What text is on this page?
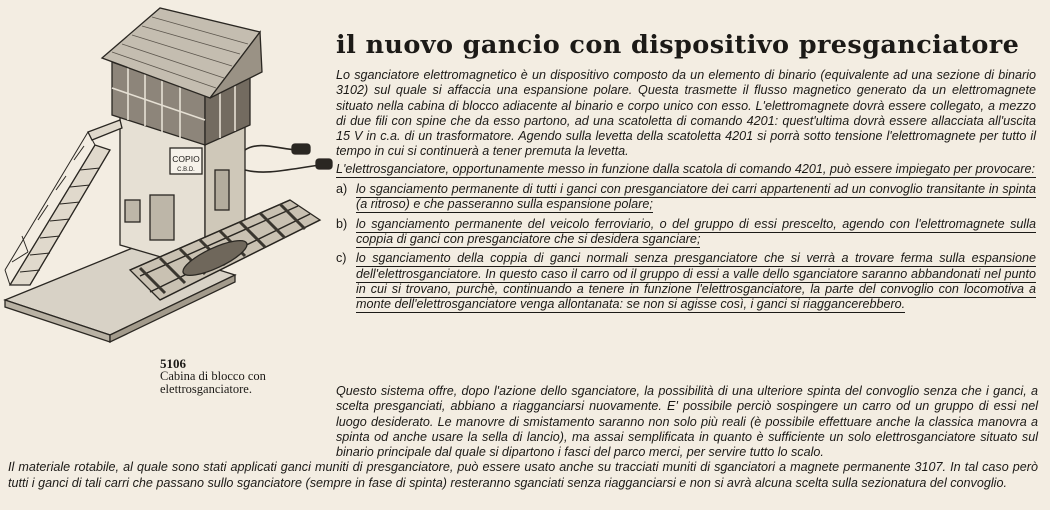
COPIO
C.B.D.
5106
Cabina di blocco con elettrosganciatore.
il nuovo gancio con dispositivo presganciatore

Lo sganciatore elettromagnetico è un dispositivo composto da un elemento di binario (equivalente ad una sezione di binario 3102) sul quale si affaccia una espansione polare. Questa trasmette il flusso magnetico generato da un elettromagnete situato nella cabina di blocco adiacente al binario e corpo unico con esso. L'elettromagnete dovrà essere collegato, a mezzo di due fili con spine che da esso partono, ad una scatoletta di comando 4201: quest'ultima dovrà essere allacciata all'uscita 15 V in c.a. di un trasformatore. Agendo sulla levetta della scatoletta 4201 si porrà sotto tensione l'elettromagnete per tutto il tempo in cui si continuerà a tener premuta la levetta.

L'elettrosganciatore, opportunamente messo in funzione dalla scatola di comando 4201, può essere impiegato per provocare:

a) lo sganciamento permanente di tutti i ganci con presganciatore dei carri appartenenti ad un convoglio transitante in spinta (a ritroso) e che passeranno sulla espansione polare;
b) lo sganciamento permanente del veicolo ferroviario, o del gruppo di essi prescelto, agendo con l'elettromagnete sulla coppia di ganci con presganciatore che si desidera sganciare;
c) lo sganciamento della coppia di ganci normali senza presganciatore che si verrà a trovare ferma sulla espansione dell'elettrosganciatore. In questo caso il carro od il gruppo di essi a valle dello sganciatore saranno abbandonati nel punto in cui si trovano, purchè, continuando a tenere in funzione l'elettrosganciatore, la parte del convoglio con locomotiva a monte dell'elettrosganciatore venga allontanata: se non si agisse così, i ganci si riaggancerebbero.

Questo sistema offre, dopo l'azione dello sganciatore, la possibilità di una ulteriore spinta del convoglio senza che i ganci, a scelta presganciati, abbiano a riagganciarsi nuovamente. E' possibile perciò sospingere un carro od un gruppo di essi nel luogo desiderato. Le manovre di smistamento saranno non solo più reali (è possibile effettuare anche la classica manovra a spinta od anche usare la sella di lancio), ma assai semplificata in quanto è sufficiente un solo elettrosganciatore situato sul binario principale dal quale si dipartono i fasci del parco merci, per servire tutto lo scalo.

Il materiale rotabile, al quale sono stati applicati ganci muniti di presganciatore, può essere usato anche su tracciati muniti di sganciatori a magnete permanente 3107. In tal caso però tutti i ganci di tali carri che passano sullo sganciatore (sempre in fase di spinta) resteranno sganciati senza riagganciarsi e non si avrà alcuna scelta sulla sezionatura del convoglio.
